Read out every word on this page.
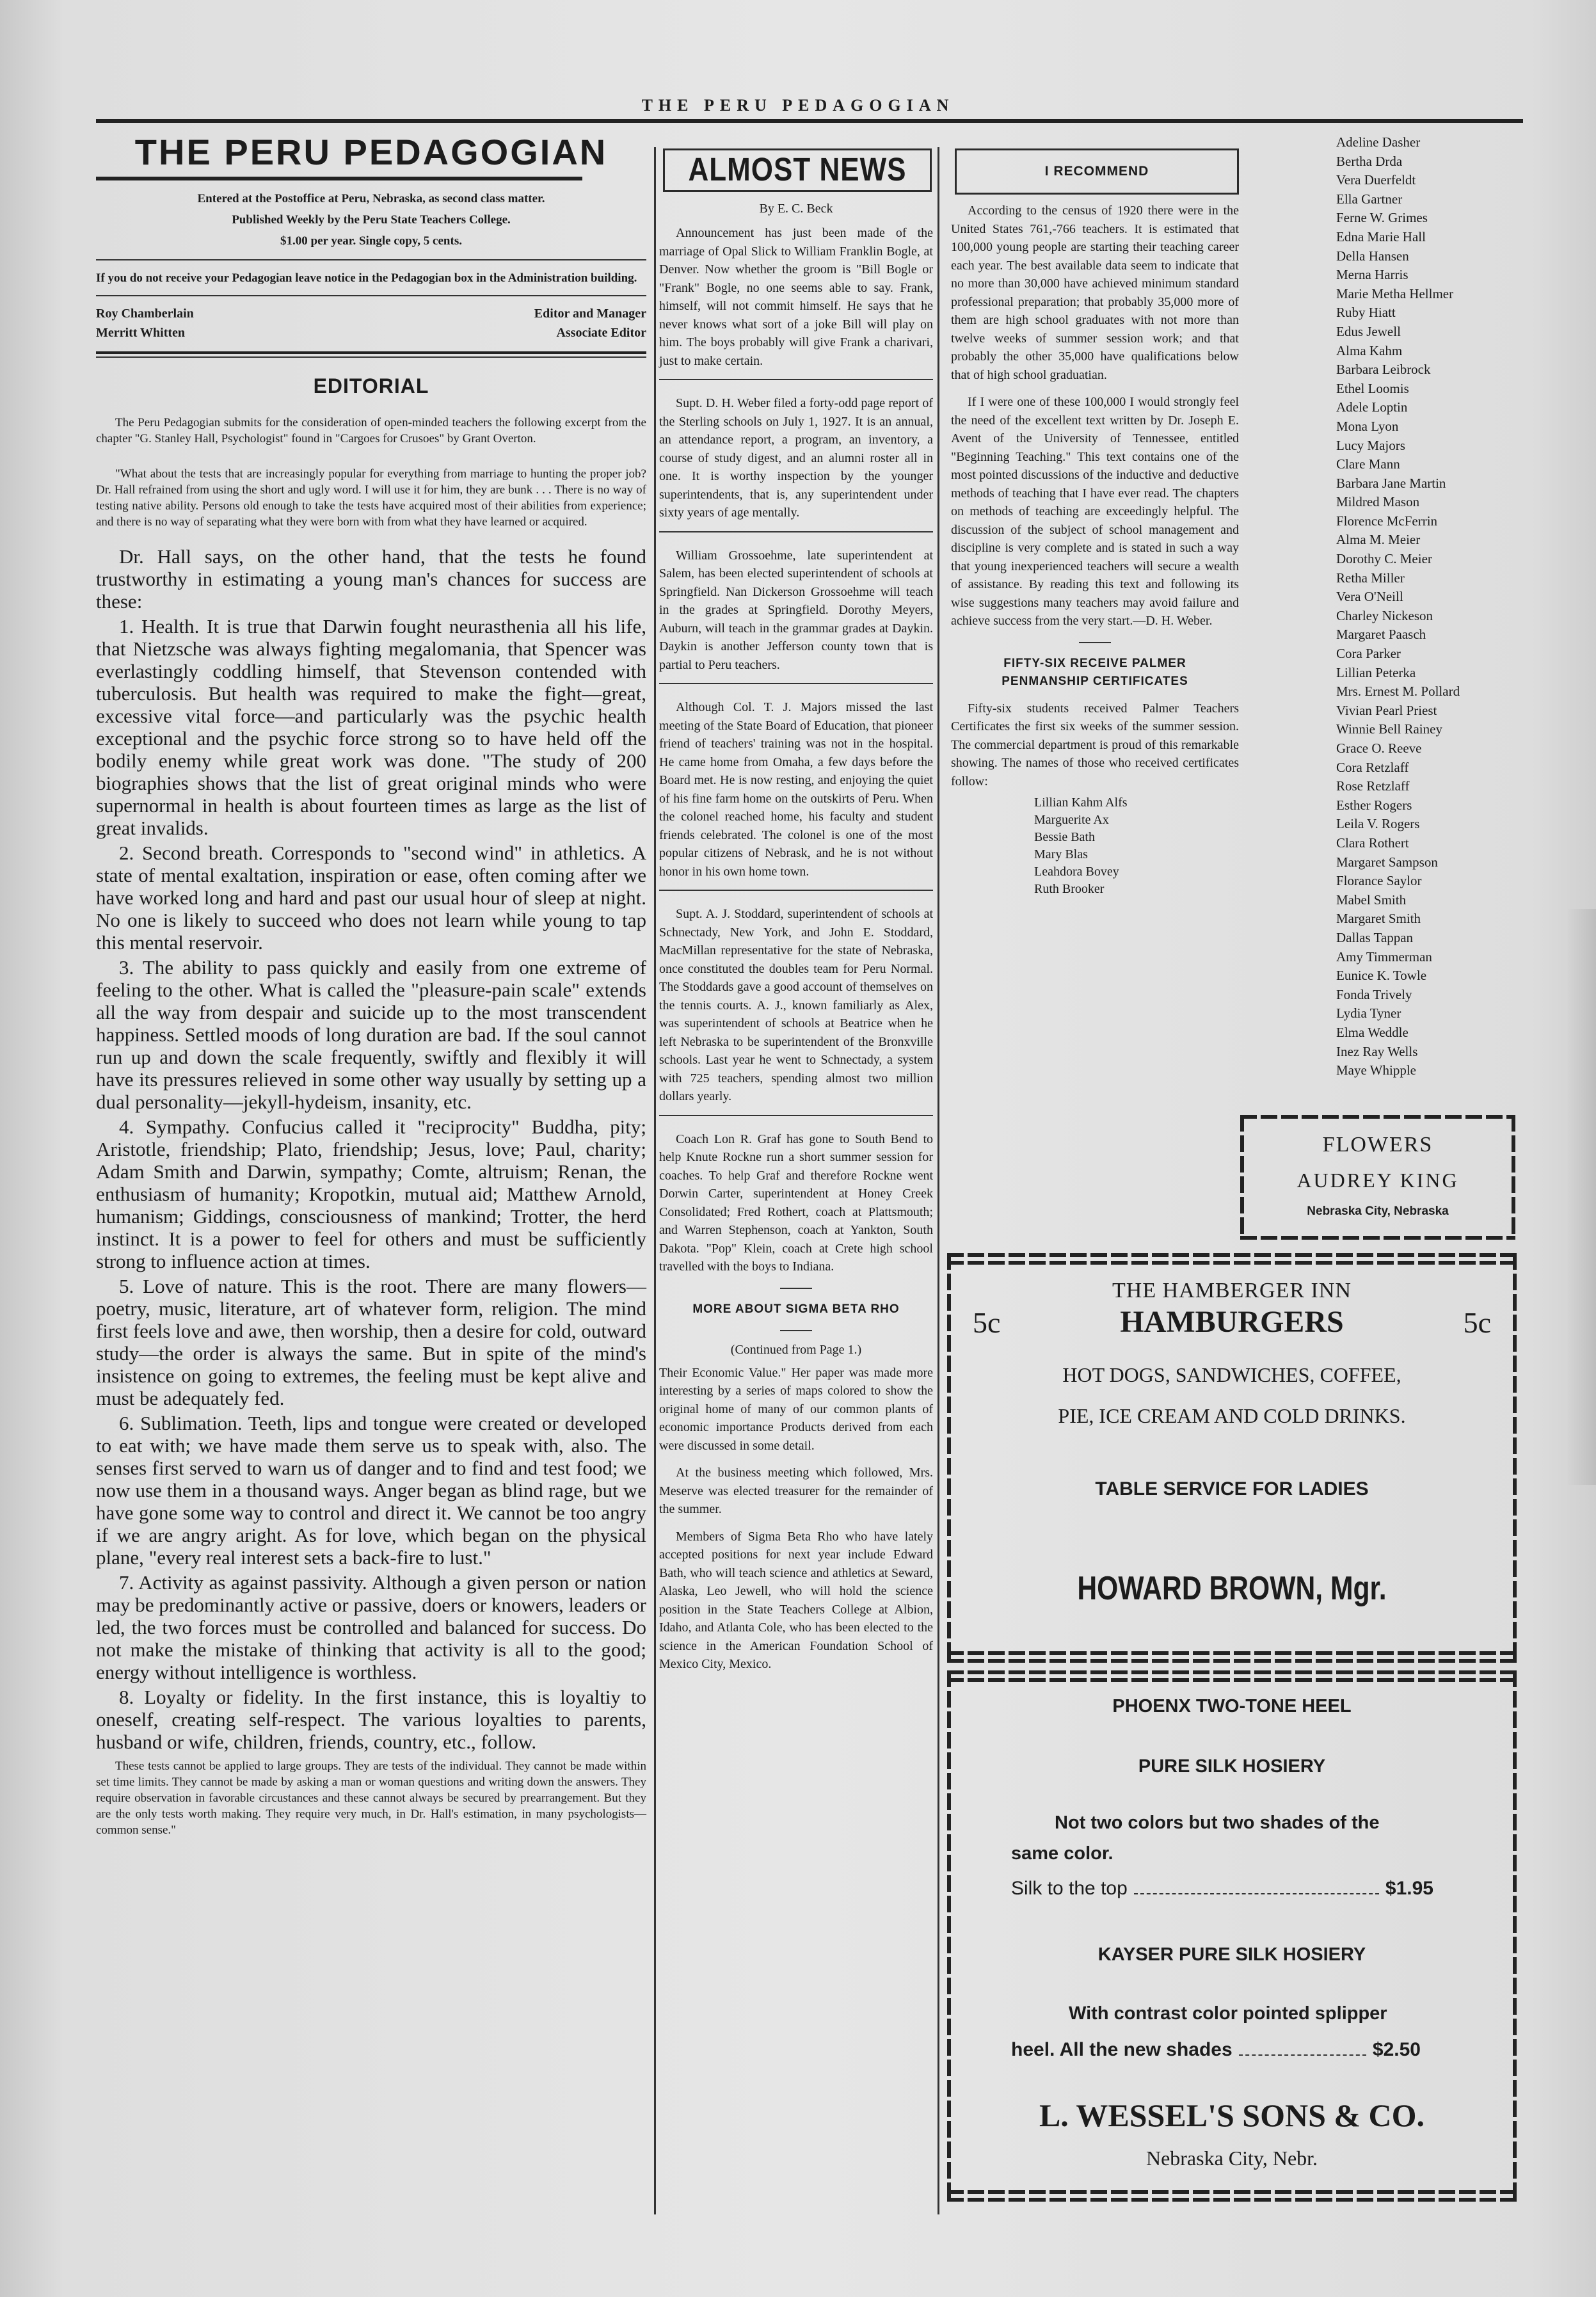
THE PERU PEDAGOGIAN
THE PERU PEDAGOGIAN
Entered at the Postoffice at Peru, Nebraska, as second class matter.
Published Weekly by the Peru State Teachers College.
$1.00 per year. Single copy, 5 cents.
If you do not receive your Pedagogian leave notice in the Pedagogian box in the Administration building.
Roy Chamberlain	Editor and Manager
Merritt Whitten	Associate Editor
EDITORIAL

The Peru Pedagogian submits for the consideration of open-minded teachers the following excerpt from the chapter "G. Stanley Hall, Psychologist" found in "Cargoes for Crusoes" by Grant Overton.

"What about the tests that are increasingly popular for everything from marriage to hunting the proper job? Dr. Hall refrained from using the short and ugly word. I will use it for him, they are bunk . . . There is no way of testing native ability. Persons old enough to take the tests have acquired most of their abilities from experience; and there is no way of separating what they were born with from what they have learned or acquired.

Dr. Hall says, on the other hand, that the tests he found trustworthy in estimating a young man's chances for success are these:

1. Health. It is true that Darwin fought neurasthenia all his life, that Nietzsche was always fighting megalomania, that Spencer was everlastingly coddling himself, that Stevenson contended with tuberculosis. But health was required to make the fight—great, excessive vital force—and particularly was the psychic health exceptional and the psychic force strong so to have held off the bodily enemy while great work was done. "The study of 200 biographies shows that the list of great original minds who were supernormal in health is about fourteen times as large as the list of great invalids.

2. Second breath. Corresponds to "second wind" in athletics. A state of mental exaltation, inspiration or ease, often coming after we have worked long and hard and past our usual hour of sleep at night. No one is likely to succeed who does not learn while young to tap this mental reservoir.

3. The ability to pass quickly and easily from one extreme of feeling to the other. What is called the "pleasure-pain scale" extends all the way from despair and suicide up to the most transcendent happiness. Settled moods of long duration are bad. If the soul cannot run up and down the scale frequently, swiftly and flexibly it will have its pressures relieved in some other way usually by setting up a dual personality—jekyll-hydeism, insanity, etc.

4. Sympathy. Confucius called it "reciprocity" Buddha, pity; Aristotle, friendship; Plato, friendship; Jesus, love; Paul, charity; Adam Smith and Darwin, sympathy; Comte, altruism; Renan, the enthusiasm of humanity; Kropotkin, mutual aid; Matthew Arnold, humanism; Giddings, consciousness of mankind; Trotter, the herd instinct. It is a power to feel for others and must be sufficiently strong to influence action at times.

5. Love of nature. This is the root. There are many flowers—poetry, music, literature, art of whatever form, religion. The mind first feels love and awe, then worship, then a desire for cold, outward study—the order is always the same. But in spite of the mind's insistence on going to extremes, the feeling must be kept alive and must be adequately fed.

6. Sublimation. Teeth, lips and tongue were created or developed to eat with; we have made them serve us to speak with, also. The senses first served to warn us of danger and to find and test food; we now use them in a thousand ways. Anger began as blind rage, but we have gone some way to control and direct it. We cannot be too angry if we are angry aright. As for love, which began on the physical plane, "every real interest sets a back-fire to lust."

7. Activity as against passivity. Although a given person or nation may be predominantly active or passive, doers or knowers, leaders or led, the two forces must be controlled and balanced for success. Do not make the mistake of thinking that activity is all to the good; energy without intelligence is worthless.

8. Loyalty or fidelity. In the first instance, this is loyaltiy to oneself, creating self-respect. The various loyalties to parents, husband or wife, children, friends, country, etc., follow.

These tests cannot be applied to large groups. They are tests of the individual. They cannot be made within set time limits. They cannot be made by asking a man or woman questions and writing down the answers. They require observation in favorable circustances and these cannot always be secured by prearrangement. But they are the only tests worth making. They require very much, in Dr. Hall's estimation, in many psychologists—common sense."

ALMOST NEWS
By E. C. Beck

Announcement has just been made of the marriage of Opal Slick to William Franklin Bogle, at Denver. Now whether the groom is "Bill Bogle or "Frank" Bogle, no one seems able to say. Frank, himself, will not commit himself. He says that he never knows what sort of a joke Bill will play on him. The boys probably will give Frank a charivari, just to make certain.

Supt. D. H. Weber filed a forty-odd page report of the Sterling schools on July 1, 1927. It is an annual, an attendance report, a program, an inventory, a course of study digest, and an alumni roster all in one. It is worthy inspection by the younger superintendents, that is, any superintendent under sixty years of age mentally.

William Grossoehme, late superintendent at Salem, has been elected superintendent of schools at Springfield. Nan Dickerson Grossoehme will teach in the grades at Springfield. Dorothy Meyers, Auburn, will teach in the grammar grades at Daykin. Daykin is another Jefferson county town that is partial to Peru teachers.

Although Col. T. J. Majors missed the last meeting of the State Board of Education, that pioneer friend of teachers' training was not in the hospital. He came home from Omaha, a few days before the Board met. He is now resting, and enjoying the quiet of his fine farm home on the outskirts of Peru. When the colonel reached home, his faculty and student friends celebrated. The colonel is one of the most popular citizens of Nebrask, and he is not without honor in his own home town.

Supt. A. J. Stoddard, superintendent of schools at Schnectady, New York, and John E. Stoddard, MacMillan representative for the state of Nebraska, once constituted the doubles team for Peru Normal. The Stoddards gave a good account of themselves on the tennis courts. A. J., known familiarly as Alex, was superintendent of schools at Beatrice when he left Nebraska to be superintendent of the Bronxville schools. Last year he went to Schnectady, a system with 725 teachers, spending almost two million dollars yearly.

Coach Lon R. Graf has gone to South Bend to help Knute Rockne run a short summer session for coaches. To help Graf and therefore Rockne went Dorwin Carter, superintendent at Honey Creek Consolidated; Fred Rothert, coach at Plattsmouth; and Warren Stephenson, coach at Yankton, South Dakota. "Pop" Klein, coach at Crete high school travelled with the boys to Indiana.

MORE ABOUT SIGMA BETA RHO
(Continued from Page 1.)

Their Economic Value." Her paper was made more interesting by a series of maps colored to show the original home of many of our common plants of economic importance Products derived from each were discussed in some detail.

At the business meeting which followed, Mrs. Meserve was elected treasurer for the remainder of the summer.

Members of Sigma Beta Rho who have lately accepted positions for next year include Edward Bath, who will teach science and athletics at Seward, Alaska, Leo Jewell, who will hold the science position in the State Teachers College at Albion, Idaho, and Atlanta Cole, who has been elected to the science in the American Foundation School of Mexico City, Mexico.

I RECOMMEND

According to the census of 1920 there were in the United States 761,-766 teachers. It is estimated that 100,000 young people are starting their teaching career each year. The best available data seem to indicate that no more than 30,000 have achieved minimum standard professional preparation; that probably 35,000 more of them are high school graduates with not more than twelve weeks of summer session work; and that probably the other 35,000 have qualifications below that of high school graduatian.

If I were one of these 100,000 I would strongly feel the need of the excellent text written by Dr. Joseph E. Avent of the University of Tennessee, entitled "Beginning Teaching." This text contains one of the most pointed discussions of the inductive and deductive methods of teaching that I have ever read. The chapters on methods of teaching are exceedingly helpful. The discussion of the subject of school management and discipline is very complete and is stated in such a way that young inexperienced teachers will secure a wealth of assistance. By reading this text and following its wise suggestions many teachers may avoid failure and achieve success from the very start.—D. H. Weber.

FIFTY-SIX RECEIVE PALMER
PENMANSHIP CERTIFICATES

Fifty-six students received Palmer Teachers Certificates the first six weeks of the summer session. The commercial department is proud of this remarkable showing. The names of those who received certificates follow:

Lillian Kahm Alfs
Marguerite Ax
Bessie Bath
Mary Blas
Leahdora Bovey
Ruth Brooker
Adeline Dasher
Bertha Drda
Vera Duerfeldt
Ella Gartner
Ferne W. Grimes
Edna Marie Hall
Della Hansen
Merna Harris
Marie Metha Hellmer
Ruby Hiatt
Edus Jewell
Alma Kahm
Barbara Leibrock
Ethel Loomis
Adele Loptin
Mona Lyon
Lucy Majors
Clare Mann
Barbara Jane Martin
Mildred Mason
Florence McFerrin
Alma M. Meier
Dorothy C. Meier
Retha Miller
Vera O'Neill
Charley Nickeson
Margaret Paasch
Cora Parker
Lillian Peterka
Mrs. Ernest M. Pollard
Vivian Pearl Priest
Winnie Bell Rainey
Grace O. Reeve
Cora Retzlaff
Rose Retzlaff
Esther Rogers
Leila V. Rogers
Clara Rothert
Margaret Sampson
Florance Saylor
Mabel Smith
Margaret Smith
Dallas Tappan
Amy Timmerman
Eunice K. Towle
Fonda Trively
Lydia Tyner
Elma Weddle
Inez Ray Wells
Maye Whipple
FLOWERS
AUDREY KING
Nebraska City, Nebraska
THE HAMBERGER INN
5c	5c
HAMBURGERS
HOT DOGS, SANDWICHES, COFFEE,
PIE, ICE CREAM AND COLD DRINKS.
TABLE SERVICE FOR LADIES
HOWARD BROWN, Mgr.
PHOENX TWO-TONE HEEL
PURE SILK HOSIERY
Not two colors but two shades of the
same color.
Silk to the top	$1.95
KAYSER PURE SILK HOSIERY
With contrast color pointed splipper
heel. All the new shades	$2.50
L. WESSEL'S SONS & CO.
Nebraska City, Nebr.
